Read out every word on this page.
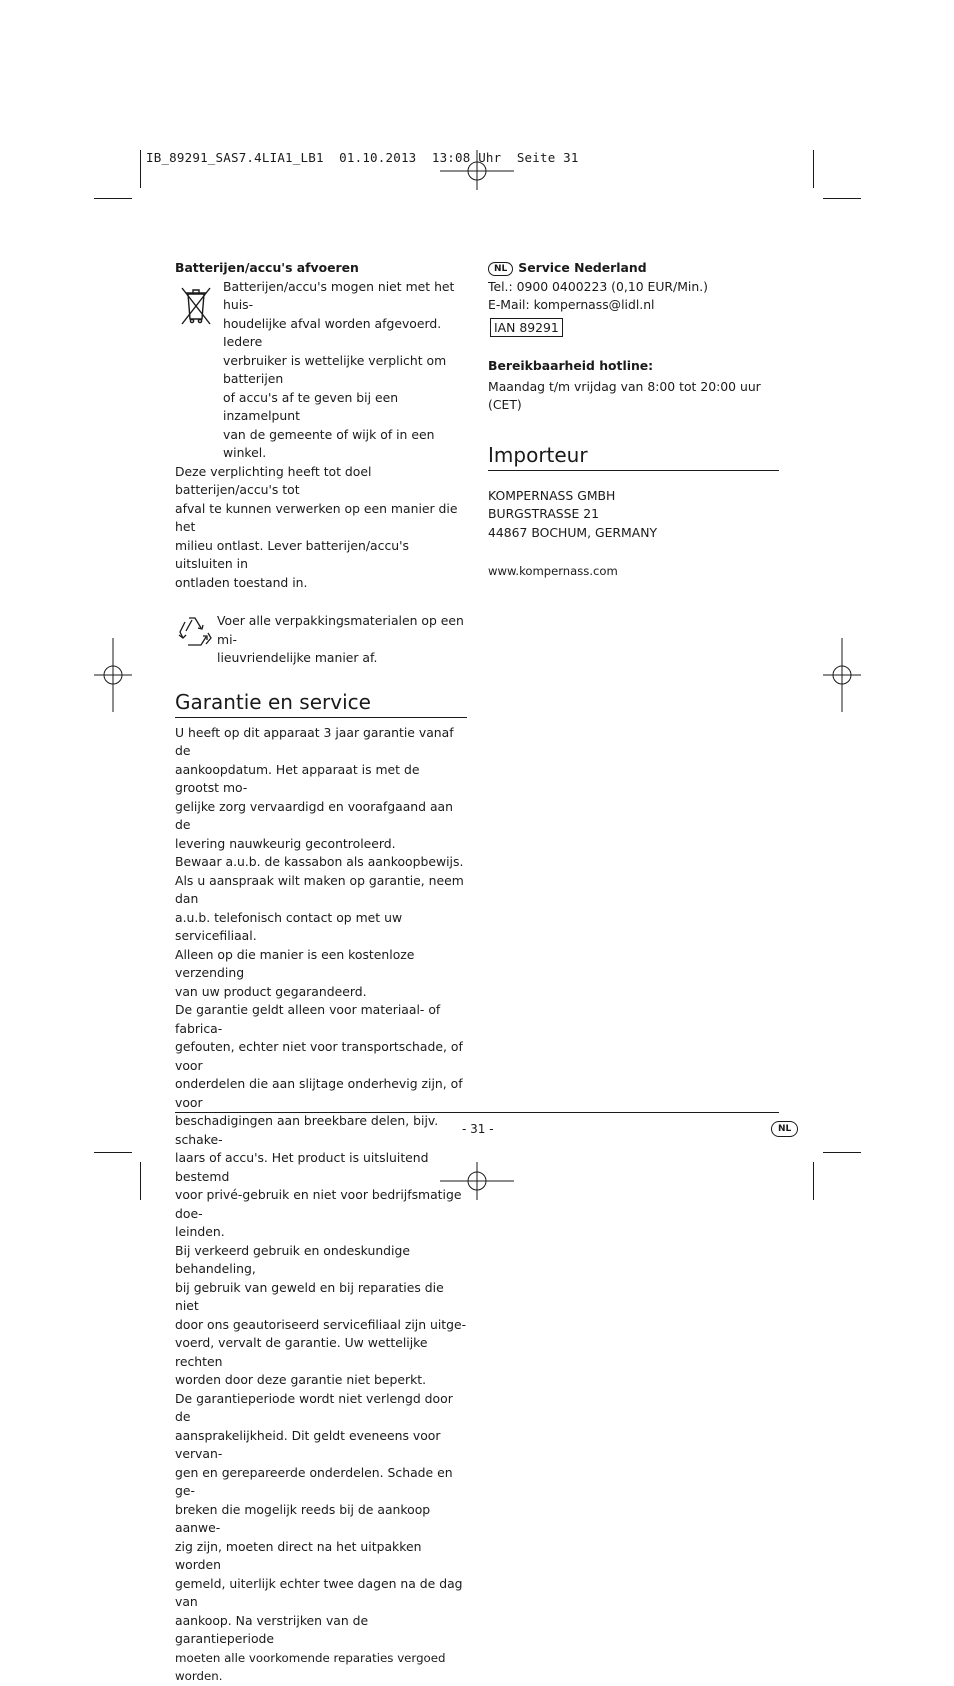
IB_89291_SAS7.4LIA1_LB1  01.10.2013  13:08 Uhr  Seite 31

Batterijen/accu's afvoeren

Batterijen/accu's mogen niet met het huis-

houdelijke afval worden afgevoerd. Iedere

verbruiker is wettelijke verplicht om batterijen

of accu's af te geven bij een inzamelpunt

van de gemeente of wijk of in een winkel.

Deze verplichting heeft tot doel batterijen/accu's tot

afval te kunnen verwerken op een manier die het

milieu ontlast. Lever batterijen/accu's uitsluiten in

ontladen toestand in.

Voer alle verpakkingsmaterialen op een mi-

lieuvriendelijke manier af.

Garantie en service

U heeft op dit apparaat 3 jaar garantie vanaf de

aankoopdatum. Het apparaat is met de grootst mo-

gelijke zorg vervaardigd en voorafgaand aan de

levering nauwkeurig gecontroleerd.

Bewaar a.u.b. de kassabon als aankoopbewijs.

Als u aanspraak wilt maken op garantie, neem dan

a.u.b. telefonisch contact op met uw servicefiliaal.

Alleen op die manier is een kostenloze verzending

van uw product gegarandeerd.

De garantie geldt alleen voor materiaal- of fabrica-

gefouten, echter niet voor transportschade, of voor

onderdelen die aan slijtage onderhevig zijn, of voor

beschadigingen aan breekbare delen, bijv. schake-

laars of accu's. Het product is uitsluitend bestemd

voor privé-gebruik en niet voor bedrijfsmatige doe-

leinden.

Bij verkeerd gebruik en ondeskundige behandeling,

bij gebruik van geweld en bij reparaties die niet

door ons geautoriseerd servicefiliaal zijn uitge-

voerd, vervalt de garantie. Uw wettelijke rechten

worden door deze garantie niet beperkt.

De garantieperiode wordt niet verlengd door de

aansprakelijkheid. Dit geldt eveneens voor vervan-

gen en gerepareerde onderdelen. Schade en ge-

breken die mogelijk reeds bij de aankoop aanwe-

zig zijn, moeten direct na het uitpakken worden

gemeld, uiterlijk echter twee dagen na de dag van

aankoop. Na verstrijken van de garantieperiode

moeten alle voorkomende reparaties vergoed worden.

NL Service Nederland

Tel.: 0900 0400223 (0,10 EUR/Min.)

E-Mail: kompernass@lidl.nl

IAN 89291

Bereikbaarheid hotline:

Maandag t/m vrijdag van 8:00 tot 20:00 uur (CET)

Importeur

KOMPERNASS GMBH

BURGSTRASSE 21

44867 BOCHUM, GERMANY

www.kompernass.com

- 31 -	NL
